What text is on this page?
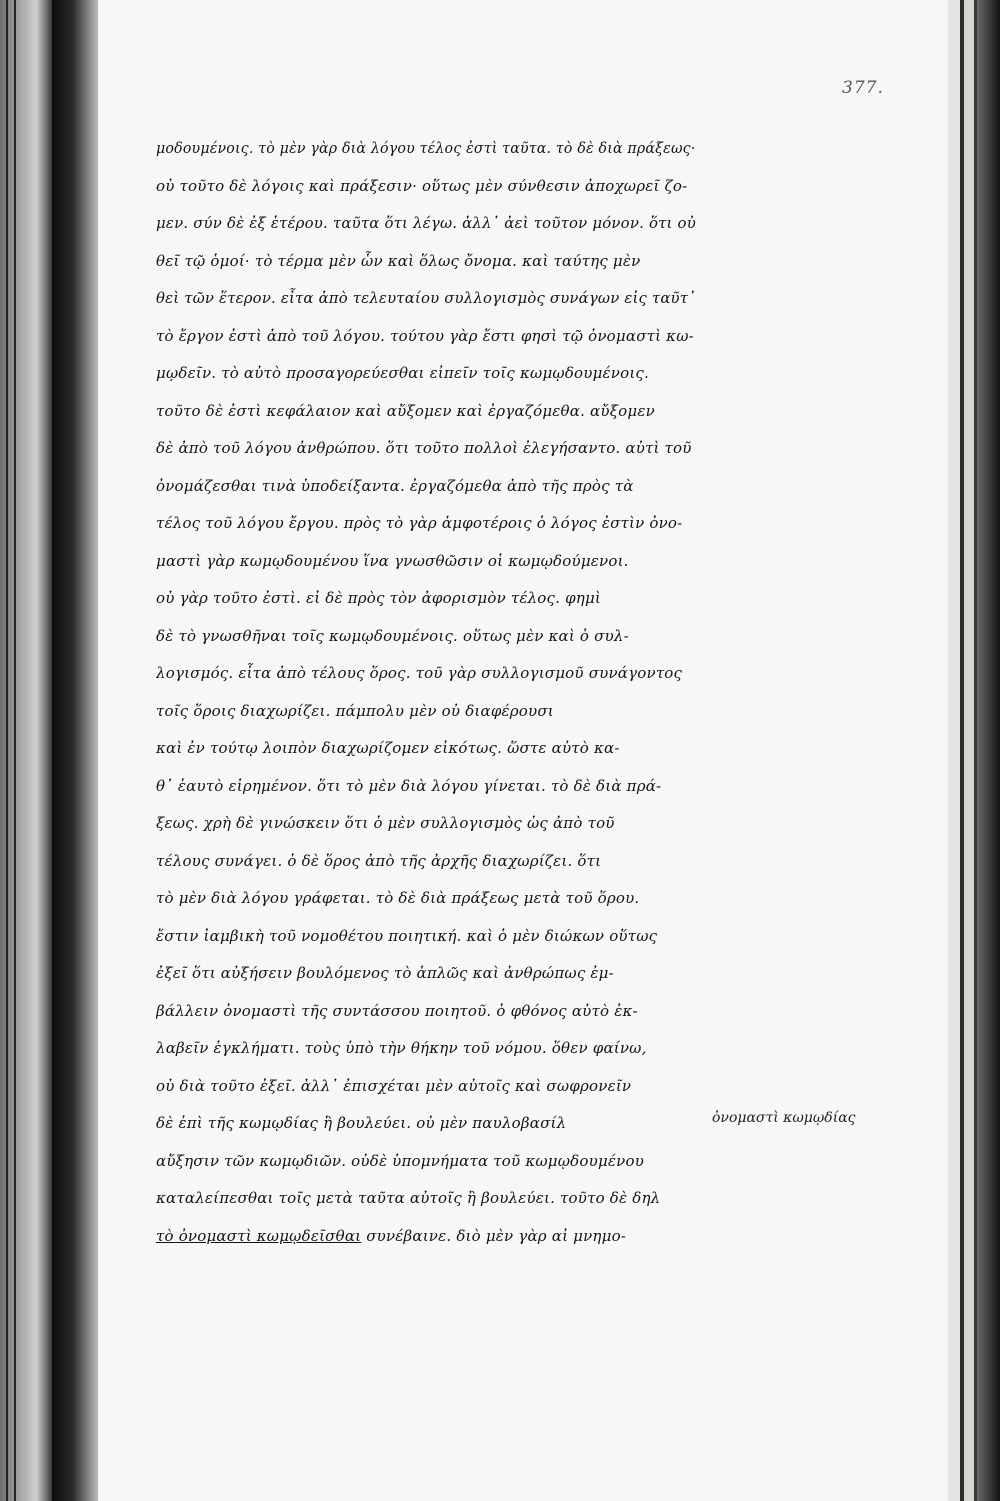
377.
μοδουμένοις. τὸ μὲν γὰρ διὰ λόγου τέλος ἐστὶ ταῦτα. τὸ δὲ διὰ πράξεως·
οὐ τοῦτο δὲ λόγοις καὶ πράξεσιν· οὕτως μὲν σύνθεσιν ἀποχωρεῖ ζο-
μεν. σύν δὲ ἐξ ἑτέρου. ταῦτα ὅτι λέγω. ἀλλ᾽ ἀεὶ τοῦτον μόνον. ὅτι οὐ
θεῖ τῷ ὁμοί· τὸ τέρμα μὲν ὧν καὶ ὅλως ὄνομα. καὶ ταύτης μὲν
θεὶ τῶν ἕτερον. εἶτα ἀπὸ τελευταίου συλλογισμὸς συνάγων εἰς ταῦτ᾽
τὸ ἔργον ἐστὶ ἀπὸ τοῦ λόγου. τούτου γὰρ ἔστι φησὶ τῷ ὀνομαστὶ κω-
μῳδεῖν. τὸ αὐτὸ προσαγορεύεσθαι εἰπεῖν τοῖς κωμῳδουμένοις.
τοῦτο δὲ ἐστὶ κεφάλαιον καὶ αὔξομεν καὶ ἐργαζόμεθα. αὔξομεν
δὲ ἀπὸ τοῦ λόγου ἀνθρώπου. ὅτι τοῦτο πολλοὶ ἐλεγήσαντο. αὐτὶ τοῦ
ὀνομάζεσθαι τινὰ ὑποδείξαντα. ἐργαζόμεθα ἀπὸ τῆς πρὸς τὰ
τέλος τοῦ λόγου ἔργου. πρὸς τὸ γὰρ ἀμφοτέροις ὁ λόγος ἐστὶν ὀνο-
μαστὶ γὰρ κωμῳδουμένου ἵνα γνωσθῶσιν οἱ κωμῳδούμενοι.
οὐ γὰρ τοῦτο ἐστὶ. εἰ δὲ πρὸς τὸν ἀφορισμὸν τέλος. φημὶ
δὲ τὸ γνωσθῆναι τοῖς κωμῳδουμένοις. οὕτως μὲν καὶ ὁ συλ-
λογισμός. εἶτα ἀπὸ τέλους ὅρος. τοῦ γὰρ συλλογισμοῦ συνάγοντος
τοῖς ὅροις διαχωρίζει. πάμπολυ μὲν οὐ διαφέρουσι
καὶ ἐν τούτῳ λοιπὸν διαχωρίζομεν εἰκότως. ὥστε αὐτὸ κα-
θ᾽ ἑαυτὸ εἰρημένον. ὅτι τὸ μὲν διὰ λόγου γίνεται. τὸ δὲ διὰ πρά-
ξεως. χρὴ δὲ γινώσκειν ὅτι ὁ μὲν συλλογισμὸς ὡς ἀπὸ τοῦ
τέλους συνάγει. ὁ δὲ ὅρος ἀπὸ τῆς ἀρχῆς διαχωρίζει. ὅτι
τὸ μὲν διὰ λόγου γράφεται. τὸ δὲ διὰ πράξεως μετὰ τοῦ ὅρου.
ἔστιν ἰαμβικὴ τοῦ νομοθέτου ποιητική. καὶ ὁ μὲν διώκων οὕτως
ἐξεῖ ὅτι αὐξήσειν βουλόμενος τὸ ἁπλῶς καὶ ἀνθρώπως ἐμ-
βάλλειν ὀνομαστὶ τῆς συντάσσου ποιητοῦ. ὁ φθόνος αὐτὸ ἐκ-
λαβεῖν ἐγκλήματι. τοὺς ὑπὸ τὴν θήκην τοῦ νόμου. ὅθεν φαίνω,
οὐ διὰ τοῦτο ἐξεῖ. ἀλλ᾽ ἐπισχέται μὲν αὐτοῖς καὶ σωφρονεῖν
δὲ ἐπὶ τῆς κωμῳδίας ἢ βουλεύει. οὐ μὲν παυλοβασίλ
αὔξησιν τῶν κωμῳδιῶν. οὐδὲ ὑπομνήματα τοῦ κωμῳδουμένου
καταλείπεσθαι τοῖς μετὰ ταῦτα αὐτοῖς ἢ βουλεύει. τοῦτο δὲ δηλ
τὸ ὀνομαστὶ κωμῳδεῖσθαι συνέβαινε. διὸ μὲν γὰρ αἰ μνημο-
ὀνομαστὶ κωμῳδίας
